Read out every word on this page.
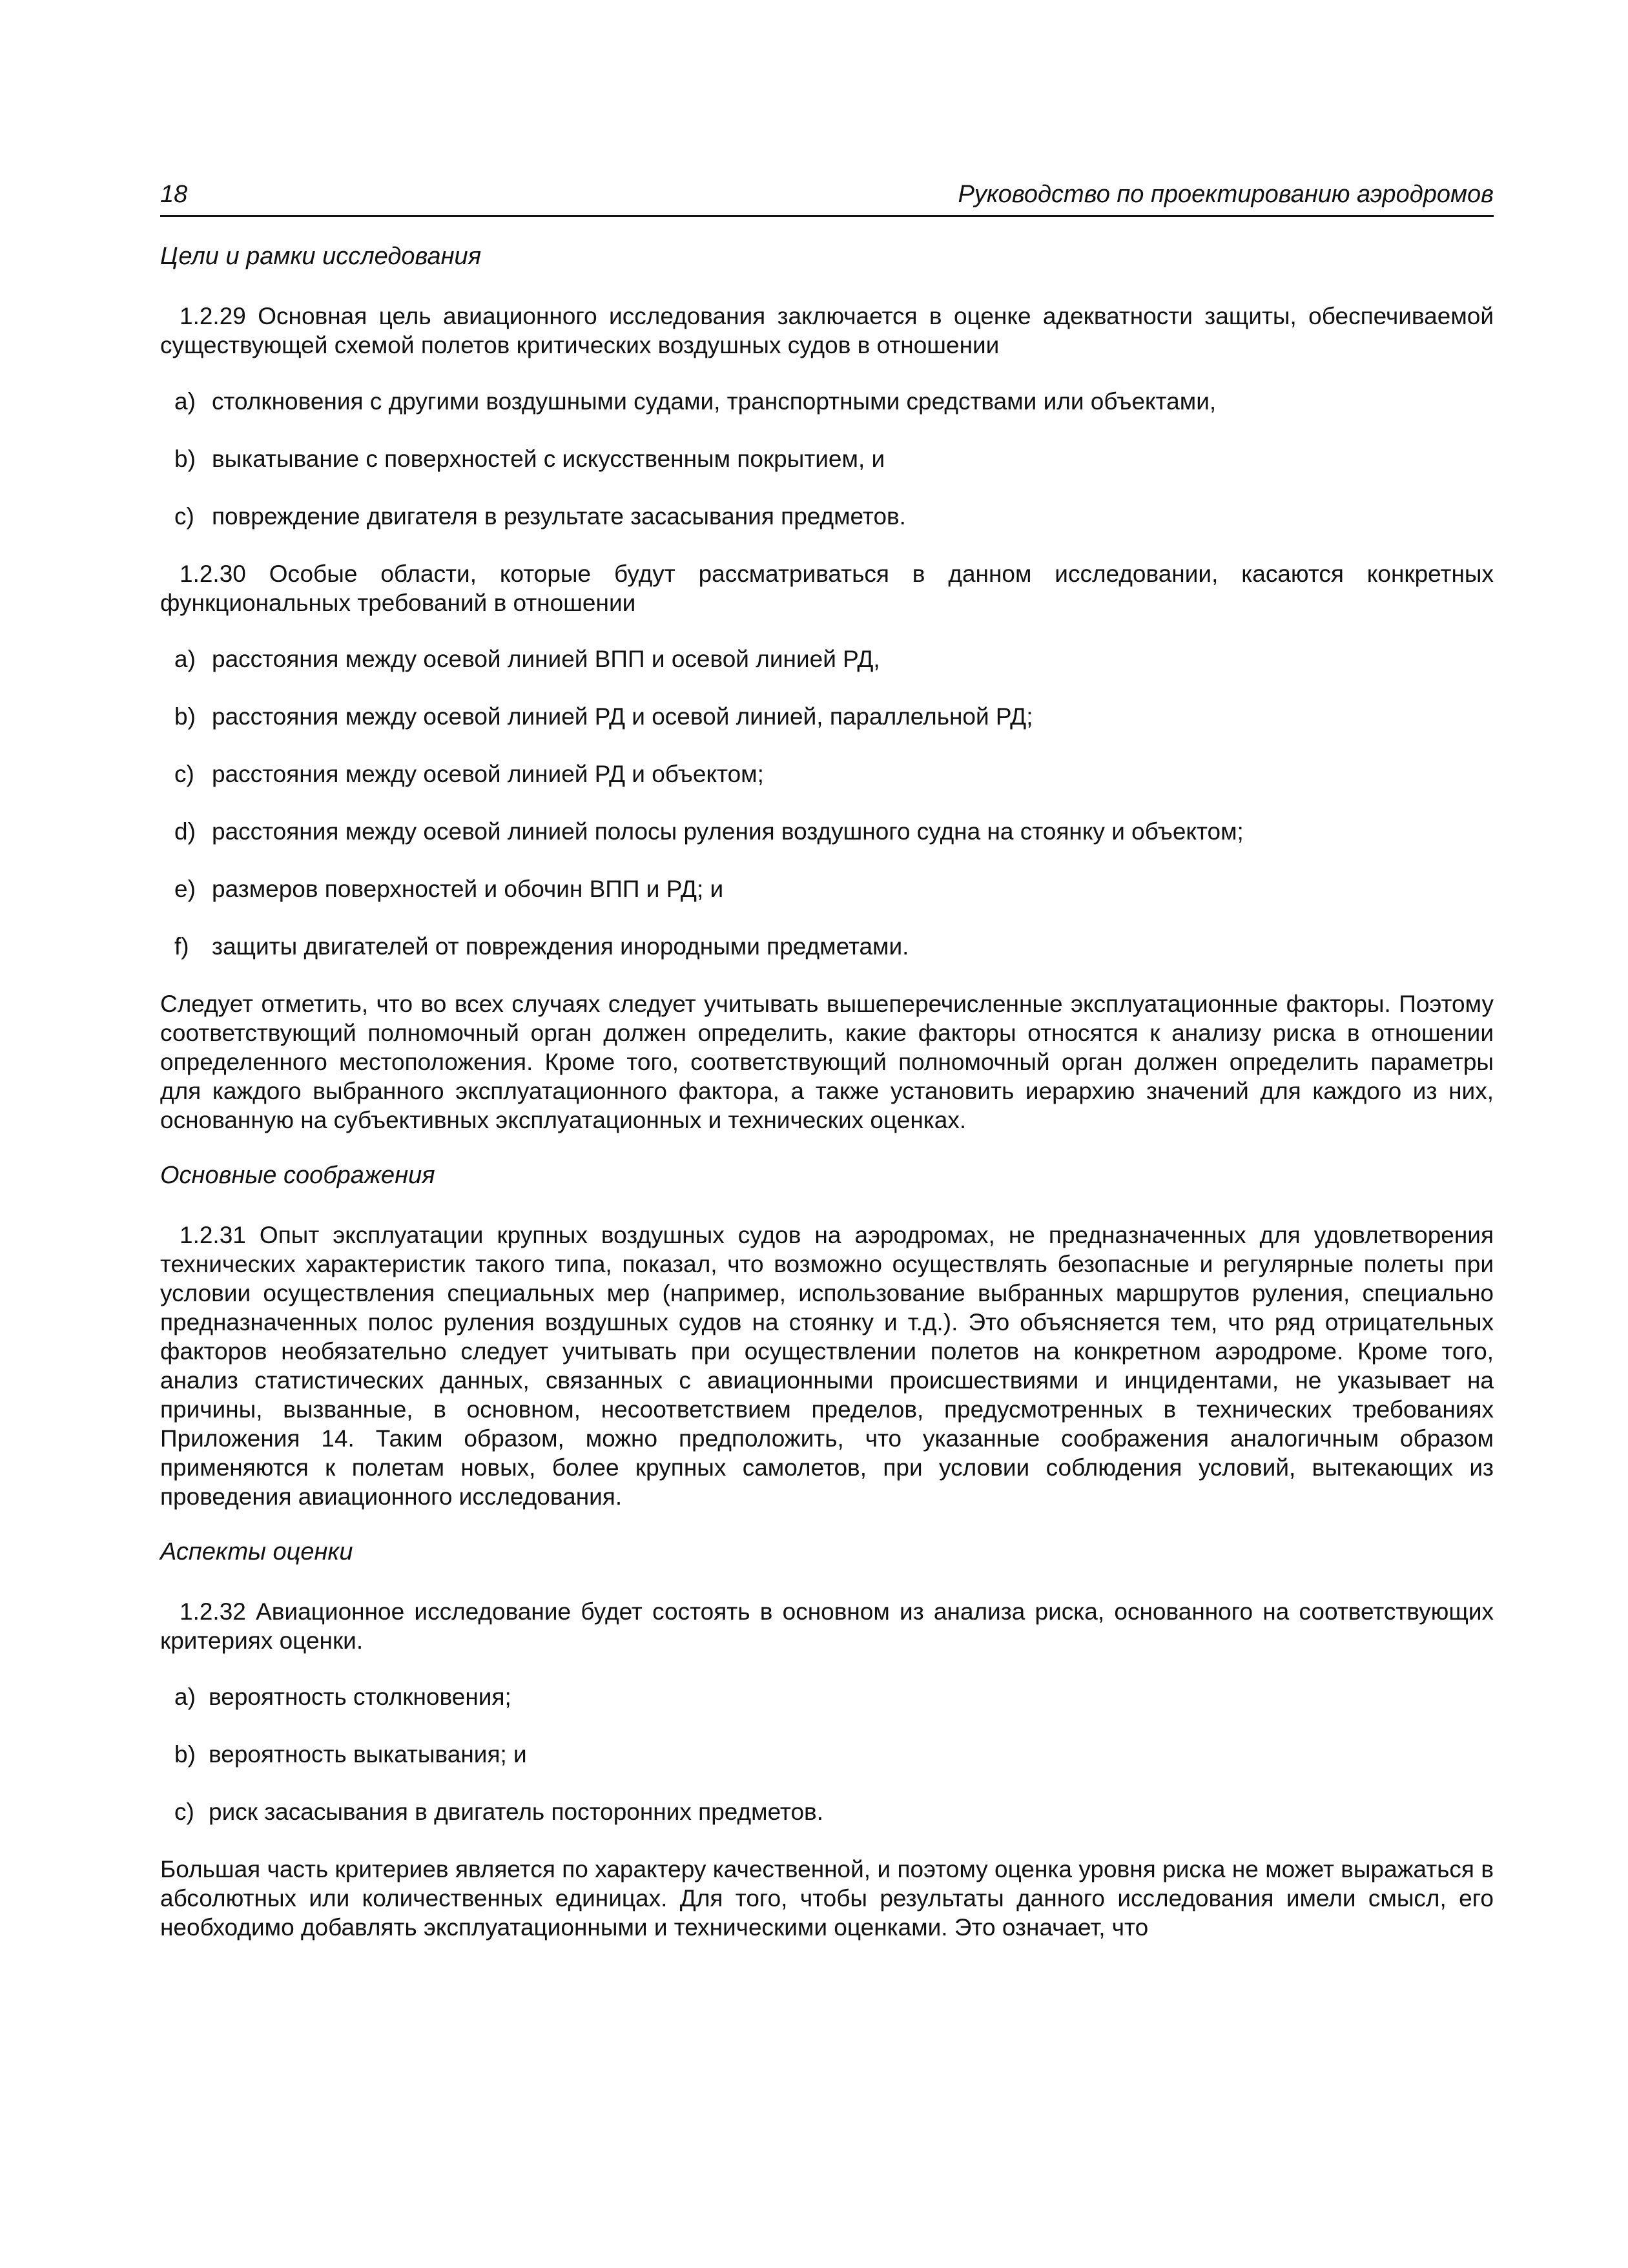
18	Руководство по проектированию аэродромов
Цели и рамки исследования

1.2.29 Основная цель авиационного исследования заключается в оценке адекватности защиты, обеспечиваемой существующей схемой полетов критических воздушных судов в отношении

a) столкновения с другими воздушными судами, транспортными средствами или объектами,
b) выкатывание с поверхностей с искусственным покрытием, и
c) повреждение двигателя в результате засасывания предметов.

1.2.30 Особые области, которые будут рассматриваться в данном исследовании, касаются конкретных функциональных требований в отношении

a) расстояния между осевой линией ВПП и осевой линией РД,
b) расстояния между осевой линией РД и осевой линией, параллельной РД;
c) расстояния между осевой линией РД и объектом;
d) расстояния между осевой линией полосы руления воздушного судна на стоянку и объектом;
e) размеров поверхностей и обочин ВПП и РД; и
f) защиты двигателей от повреждения инородными предметами.

Следует отметить, что во всех случаях следует учитывать вышеперечисленные эксплуатационные факторы. Поэтому соответствующий полномочный орган должен определить, какие факторы относятся к анализу риска в отношении определенного местоположения. Кроме того, соответствующий полномочный орган должен определить параметры для каждого выбранного эксплуатационного фактора, а также установить иерархию значений для каждого из них, основанную на субъективных эксплуатационных и технических оценках.

Основные соображения

1.2.31 Опыт эксплуатации крупных воздушных судов на аэродромах, не предназначенных для удовлетворения технических характеристик такого типа, показал, что возможно осуществлять безопасные и регулярные полеты при условии осуществления специальных мер (например, использование выбранных маршрутов руления, специально предназначенных полос руления воздушных судов на стоянку и т.д.). Это объясняется тем, что ряд отрицательных факторов необязательно следует учитывать при осуществлении полетов на конкретном аэродроме. Кроме того, анализ статистических данных, связанных с авиационными происшествиями и инцидентами, не указывает на причины, вызванные, в основном, несоответствием пределов, предусмотренных в технических требованиях Приложения 14. Таким образом, можно предположить, что указанные соображения аналогичным образом применяются к полетам новых, более крупных самолетов, при условии соблюдения условий, вытекающих из проведения авиационного исследования.

Аспекты оценки

1.2.32 Авиационное исследование будет состоять в основном из анализа риска, основанного на соответствующих критериях оценки.

a) вероятность столкновения;
b) вероятность выкатывания; и
c) риск засасывания в двигатель посторонних предметов.

Большая часть критериев является по характеру качественной, и поэтому оценка уровня риска не может выражаться в абсолютных или количественных единицах. Для того, чтобы результаты данного исследования имели смысл, его необходимо добавлять эксплуатационными и техническими оценками. Это означает, что
